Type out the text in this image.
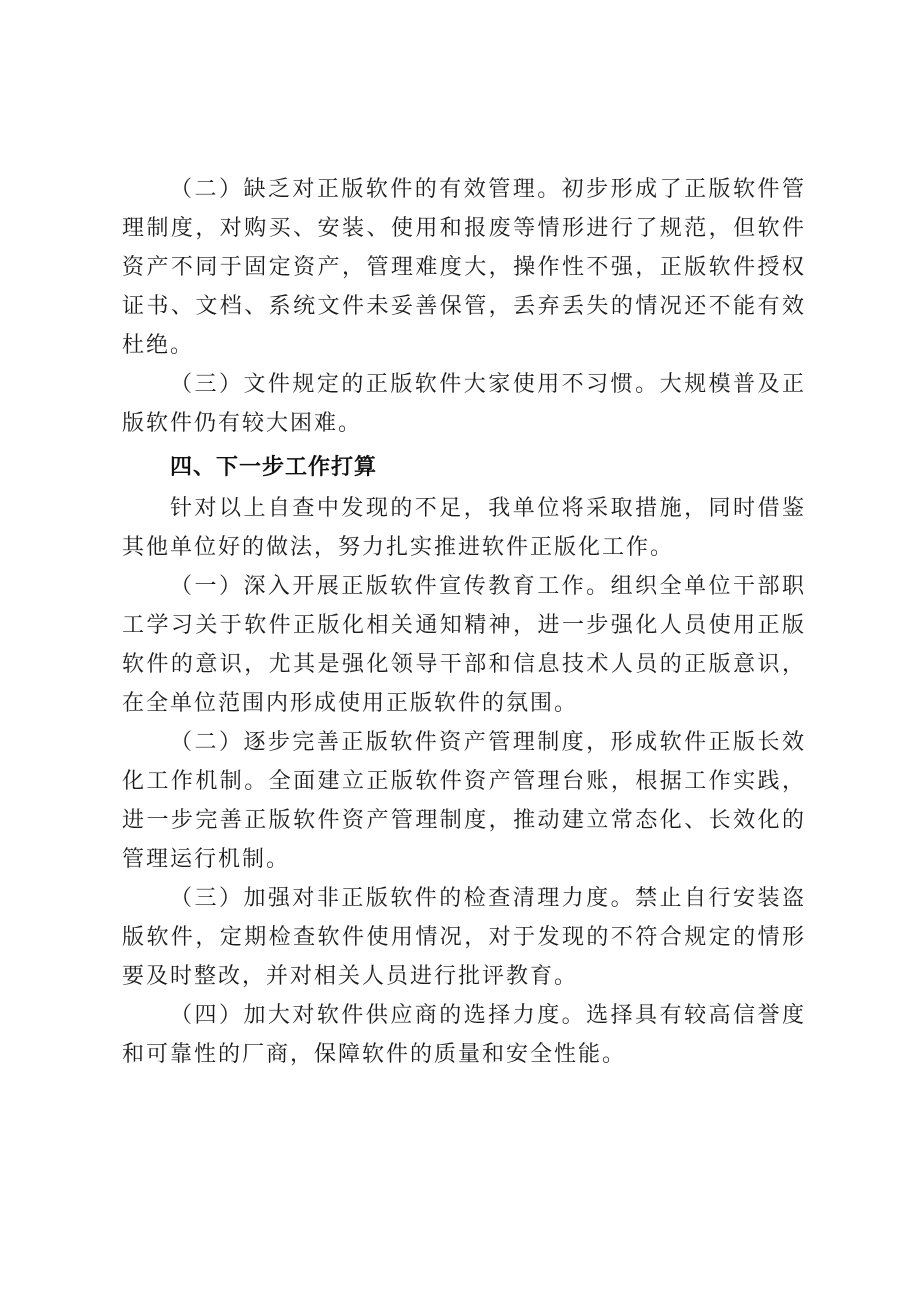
（二）缺乏对正版软件的有效管理。初步形成了正版软件管理制度，对购买、安装、使用和报废等情形进行了规范，但软件资产不同于固定资产，管理难度大，操作性不强，正版软件授权证书、文档、系统文件未妥善保管，丢弃丢失的情况还不能有效杜绝。

（三）文件规定的正版软件大家使用不习惯。大规模普及正版软件仍有较大困难。

四、下一步工作打算

针对以上自查中发现的不足，我单位将采取措施，同时借鉴其他单位好的做法，努力扎实推进软件正版化工作。

（一）深入开展正版软件宣传教育工作。组织全单位干部职工学习关于软件正版化相关通知精神，进一步强化人员使用正版软件的意识，尤其是强化领导干部和信息技术人员的正版意识，在全单位范围内形成使用正版软件的氛围。

（二）逐步完善正版软件资产管理制度，形成软件正版长效化工作机制。全面建立正版软件资产管理台账，根据工作实践，进一步完善正版软件资产管理制度，推动建立常态化、长效化的管理运行机制。

（三）加强对非正版软件的检查清理力度。禁止自行安装盗版软件，定期检查软件使用情况，对于发现的不符合规定的情形要及时整改，并对相关人员进行批评教育。

（四）加大对软件供应商的选择力度。选择具有较高信誉度和可靠性的厂商，保障软件的质量和安全性能。
